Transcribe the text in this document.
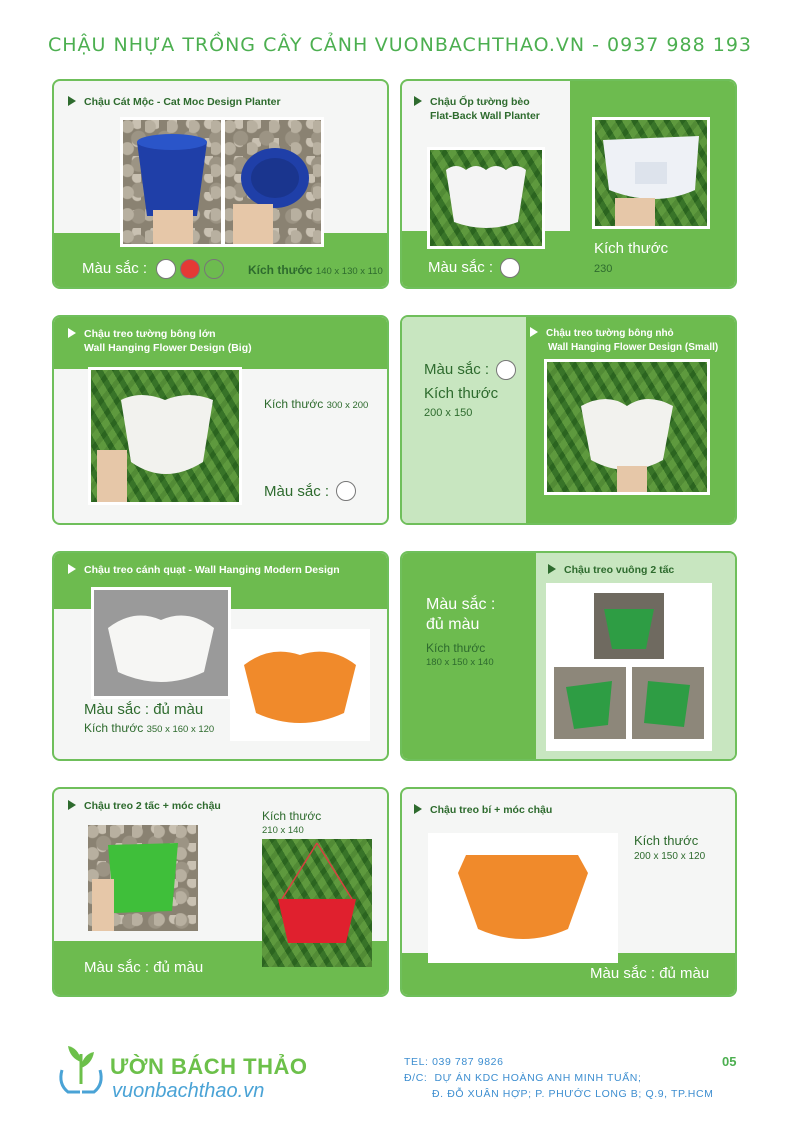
CHẬU NHỰA TRỒNG CÂY CẢNH VUONBACHTHAO.VN - 0937 988 193
Chậu Cát Mộc - Cat Moc Design Planter
Màu sắc :	Kích thước 140 x 130 x 110
Chậu Ốp tường bèo
Flat-Back Wall Planter
Kích thước
230
Màu sắc :
Chậu treo tường bông lớn
Wall Hanging Flower Design (Big)
Kích thước 300 x 200
Màu sắc :
Chậu treo tường bông nhỏ
Wall Hanging Flower Design (Small)
Màu sắc :
Kích thước
200 x 150
Chậu treo cánh quạt - Wall Hanging Modern Design
Màu sắc : đủ màu
Kích thước 350 x 160 x 120
Chậu treo vuông 2 tấc
Màu sắc :
đủ màu
Kích thước
180 x 150 x 140
Chậu treo 2 tấc + móc chậu
Kích thước
210 x 140
Màu sắc : đủ màu
Chậu treo bí + móc chậu
Kích thước
200 x 150 x 120
Màu sắc : đủ màu
ƯỜN BÁCH THẢO
vuonbachthao.vn
TEL: 039 787 9826
Đ/C: DỰ ÁN KDC HOÀNG ANH MINH TUẤN;
Đ. ĐỖ XUÂN HỢP; P. PHƯỚC LONG B; Q.9, TP.HCM
05
